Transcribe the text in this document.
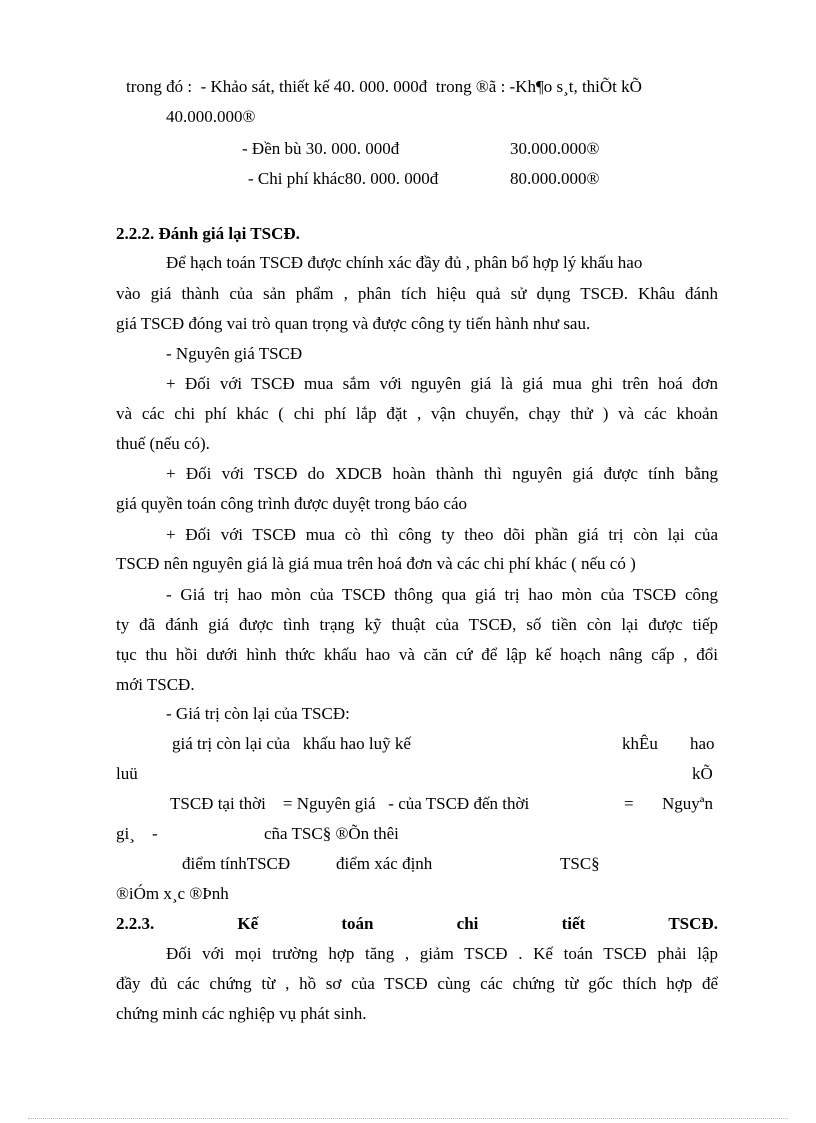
trong đó :  - Khảo sát, thiết kế 40. 000. 000đ  trong ®ã : -Kh¶o s¸t, thiÕt kÕ
40.000.000®
- Đền bù 30. 000. 000đ	30.000.000®
- Chi phí khác80. 000. 000đ	80.000.000®
2.2.2. Đánh giá lại TSCĐ.
Để hạch toán TSCĐ được chính xác đầy đủ , phân bổ hợp lý khấu hao
vào giá thành của sản phẩm , phân tích hiệu quả sử dụng TSCĐ. Khâu đánh
giá TSCĐ đóng vai trò quan trọng và được công ty tiến hành như sau.
- Nguyên giá TSCĐ
+ Đối với TSCĐ mua sắm với nguyên giá là giá mua ghi trên hoá đơn
và các chi phí khác ( chi phí lắp đặt , vận chuyển, chạy thử ) và các khoản
thuế (nếu có).
+ Đối với TSCĐ do XDCB hoàn thành thì nguyên giá được tính bằng
giá quyền toán công trình được duyệt trong báo cáo
+ Đối với TSCĐ mua cò thì công ty theo dõi phần giá trị còn lại của
TSCĐ nên nguyên giá là giá mua trên hoá đơn và các chi phí khác ( nếu có )
- Giá trị hao mòn của TSCĐ thông qua giá trị hao mòn của TSCĐ công
ty đã đánh giá được tình trạng kỹ thuật của TSCĐ, số tiền còn lại được tiếp
tục thu hồi dưới hình thức khấu hao và căn cứ để lập kế hoạch nâng cấp , đổi
mới TSCĐ.
- Giá trị còn lại của TSCĐ:
giá trị còn lại của   khấu hao luỹ kế	khÊu hao
luü	kÕ
TSCĐ tại thời    = Nguyên giá   - của TSCĐ đến thời	= Nguyªn
gi¸ -	cña TSC§ ®Õn thêi
điểm tínhTSCĐ	điểm xác định	TSC§
®iÓm x¸c ®Þnh
2.2.3.	Kế	toán	chi	tiết	TSCĐ.
Đối với mọi trường hợp tăng , giảm TSCĐ . Kế toán TSCĐ phải lập
đầy đủ các chứng từ , hồ sơ của TSCĐ cùng các chứng từ gốc thích hợp để
chứng minh các nghiệp vụ phát sinh.
